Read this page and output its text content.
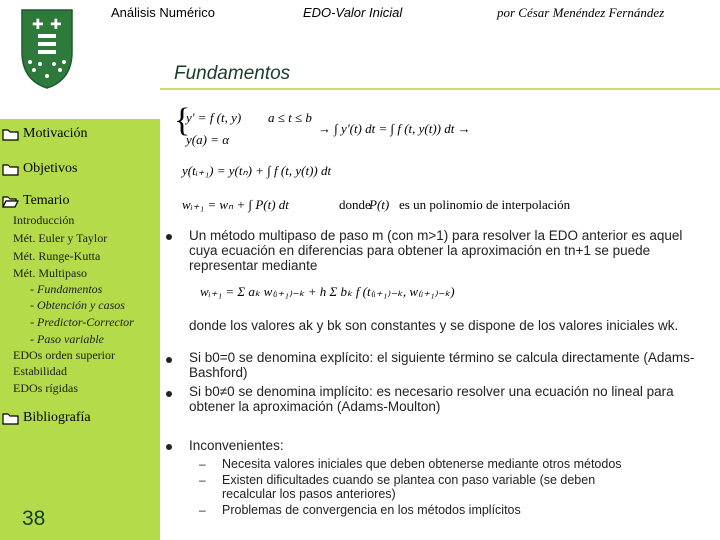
✚ ✚
Análisis Numérico	EDO-Valor Inicial	por César Menéndez Fernández
Fundamentos
Motivación
Objetivos
Temario
Introducción
Mét. Euler y Taylor
Mét. Runge-Kutta
Mét. Multipaso
- Fundamentos
- Obtención y casos
- Predictor-Corrector
- Paso variable
EDOs orden superior
Estabilidad
EDOs rígidas
Bibliografía
38
{
y' = f (t, y) a ≤ t ≤ b
y(a) = α
→ ∫ y'(t) dt = ∫ f (t, y(t)) dt →
y(tᵢ₊₁) = y(tₙ) + ∫ f (t, y(t)) dt
wᵢ₊₁ = wₙ + ∫ P(t) dt	donde
P(t) es un polinomio de interpolación
Un método multipaso de paso m (con m>1) para resolver la EDO anterior es aquel cuya ecuación en diferencias para obtener la aproximación en tn+1 se puede representar mediante
wᵢ₊₁ = Σ aₖ w₍ᵢ₊₁₎₋ₖ + h Σ bₖ f (t₍ᵢ₊₁₎₋ₖ, w₍ᵢ₊₁₎₋ₖ)
donde los valores ak y bk son constantes y se dispone de los valores iniciales wk.
Si b0=0 se denomina explícito: el siguiente término se calcula directamente (Adams-Bashford)
Si b0≠0 se denomina implícito: es necesario resolver una ecuación no lineal para obtener la aproximación (Adams-Moulton)
Inconvenientes:
– Necesita valores iniciales que deben obtenerse mediante otros métodos
– Existen dificultades cuando se plantea con paso variable (se deben recalcular los pasos anteriores)
– Problemas de convergencia en los métodos implícitos
